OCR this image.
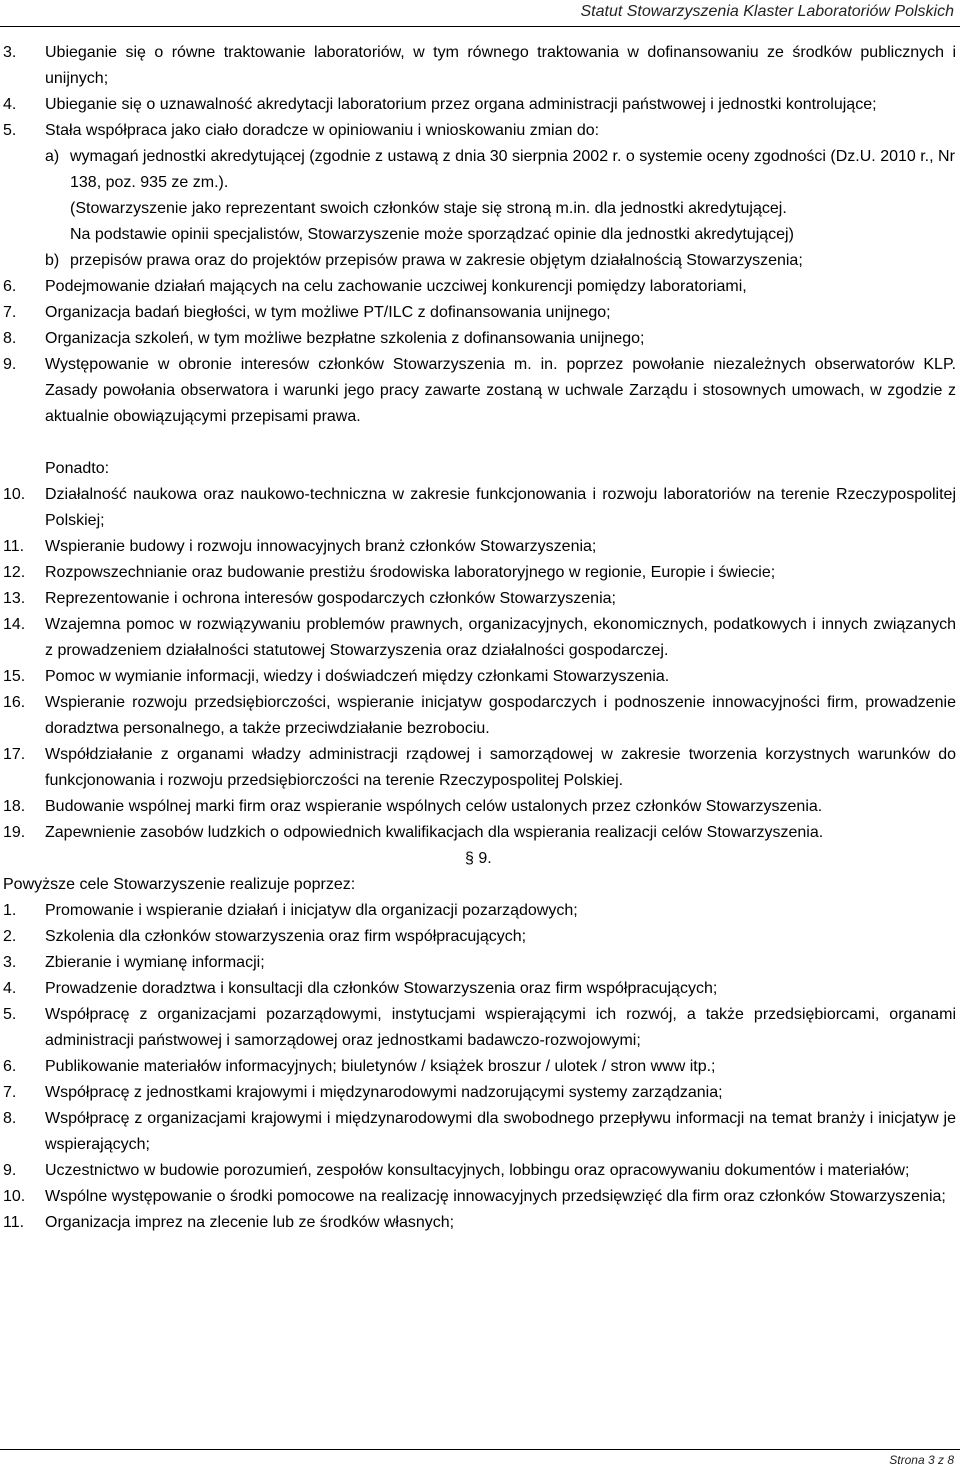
Statut Stowarzyszenia Klaster Laboratoriów Polskich
3. Ubieganie się o równe traktowanie laboratoriów, w tym równego traktowania w dofinansowaniu ze środków publicznych i unijnych;
4. Ubieganie się o uznawalność akredytacji laboratorium przez organa administracji państwowej i jednostki kontrolujące;
5. Stała współpraca jako ciało doradcze w opiniowaniu i wnioskowaniu zmian do:
a) wymagań jednostki akredytującej (zgodnie z ustawą z dnia 30 sierpnia 2002 r. o systemie oceny zgodności (Dz.U. 2010 r., Nr 138, poz. 935 ze zm.).
(Stowarzyszenie jako reprezentant swoich członków staje się stroną m.in. dla jednostki akredytującej.
Na podstawie opinii specjalistów, Stowarzyszenie może sporządzać opinie dla jednostki akredytującej)
b) przepisów prawa oraz do projektów przepisów prawa w zakresie objętym działalnością Stowarzyszenia;
6. Podejmowanie działań mających na celu zachowanie uczciwej konkurencji pomiędzy laboratoriami,
7. Organizacja badań biegłości, w tym możliwe PT/ILC z dofinansowania unijnego;
8. Organizacja szkoleń, w tym możliwe bezpłatne szkolenia z dofinansowania unijnego;
9. Występowanie w obronie interesów członków Stowarzyszenia m. in. poprzez powołanie niezależnych obserwatorów KLP. Zasady powołania obserwatora i warunki jego pracy zawarte zostaną w uchwale Zarządu i stosownych umowach, w zgodzie z aktualnie obowiązującymi przepisami prawa.
Ponadto:
10. Działalność naukowa oraz naukowo-techniczna w zakresie funkcjonowania i rozwoju laboratoriów na terenie Rzeczypospolitej Polskiej;
11. Wspieranie budowy i rozwoju innowacyjnych branż członków Stowarzyszenia;
12. Rozpowszechnianie oraz budowanie prestiżu środowiska laboratoryjnego w regionie, Europie i świecie;
13. Reprezentowanie i ochrona interesów gospodarczych członków Stowarzyszenia;
14. Wzajemna pomoc w rozwiązywaniu problemów prawnych, organizacyjnych, ekonomicznych, podatkowych i innych związanych z prowadzeniem działalności statutowej Stowarzyszenia oraz działalności gospodarczej.
15. Pomoc w wymianie informacji, wiedzy i doświadczeń między członkami Stowarzyszenia.
16. Wspieranie rozwoju przedsiębiorczości, wspieranie inicjatyw gospodarczych i podnoszenie innowacyjności firm, prowadzenie doradztwa personalnego, a także przeciwdziałanie bezrobociu.
17. Współdziałanie z organami władzy administracji rządowej i samorządowej w zakresie tworzenia korzystnych warunków do funkcjonowania i rozwoju przedsiębiorczości na terenie Rzeczypospolitej Polskiej.
18. Budowanie wspólnej marki firm oraz wspieranie wspólnych celów ustalonych przez członków Stowarzyszenia.
19. Zapewnienie zasobów ludzkich o odpowiednich kwalifikacjach dla wspierania realizacji celów Stowarzyszenia.
§ 9.
Powyższe cele Stowarzyszenie realizuje poprzez:
1. Promowanie i wspieranie działań i inicjatyw dla organizacji pozarządowych;
2. Szkolenia dla członków stowarzyszenia oraz firm współpracujących;
3. Zbieranie i wymianę informacji;
4. Prowadzenie doradztwa i konsultacji dla członków Stowarzyszenia oraz firm współpracujących;
5. Współpracę z organizacjami pozarządowymi, instytucjami wspierającymi ich rozwój, a także przedsiębiorcami, organami administracji państwowej i samorządowej oraz jednostkami badawczo-rozwojowymi;
6. Publikowanie materiałów informacyjnych; biuletynów / książek broszur / ulotek / stron www itp.;
7. Współpracę z jednostkami krajowymi i międzynarodowymi nadzorującymi systemy zarządzania;
8. Współpracę z organizacjami krajowymi i międzynarodowymi dla swobodnego przepływu informacji na temat branży i inicjatyw je wspierających;
9. Uczestnictwo w budowie porozumień, zespołów konsultacyjnych, lobbingu oraz opracowywaniu dokumentów i materiałów;
10. Wspólne występowanie o środki pomocowe na realizację innowacyjnych przedsięwzięć dla firm oraz członków Stowarzyszenia;
11. Organizacja imprez na zlecenie lub ze środków własnych;
Strona 3 z 8
